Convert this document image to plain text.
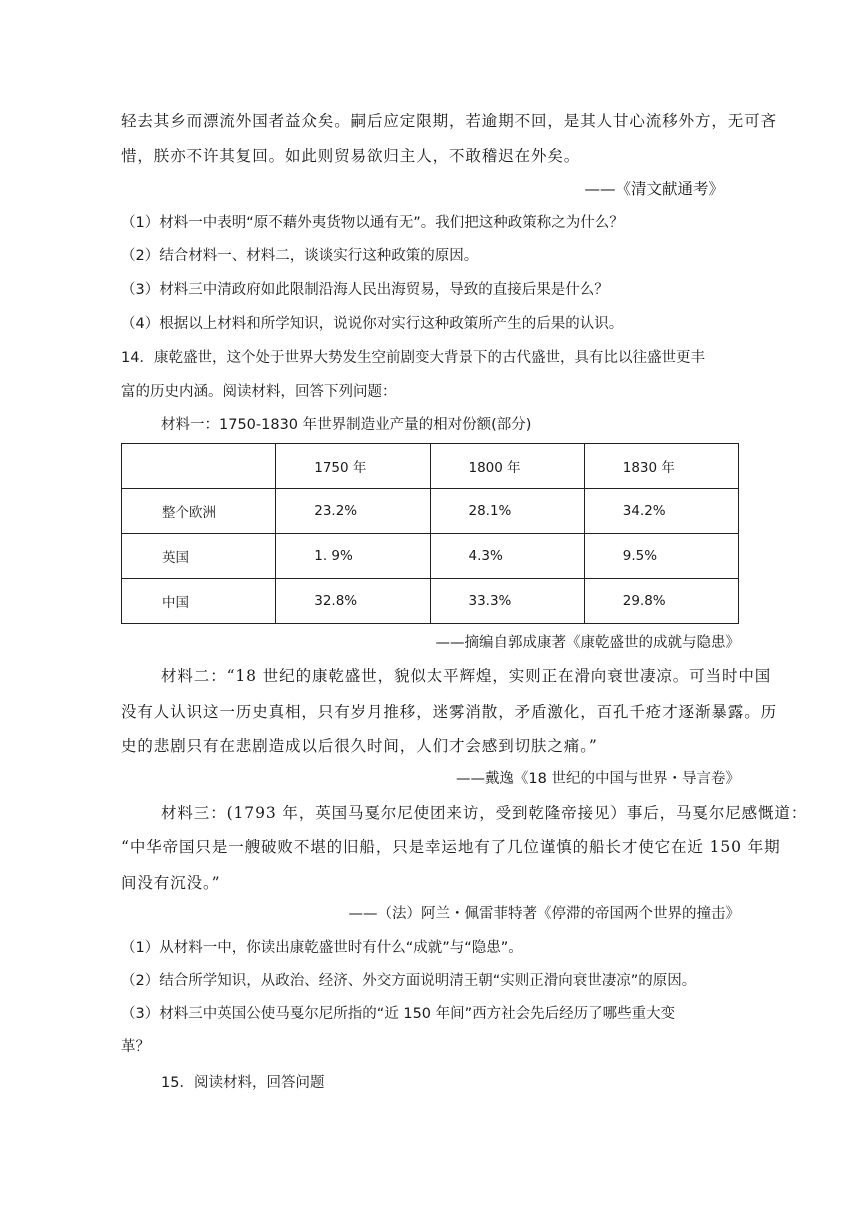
轻去其乡而漂流外国者益众矣。嗣后应定限期，若逾期不回，是其人甘心流移外方，无可吝
惜，朕亦不许其复回。如此则贸易欲归主人，不敢稽迟在外矣。
——《清文献通考》
（1）材料一中表明“原不藉外夷货物以通有无”。我们把这种政策称之为什么？
（2）结合材料一、材料二，谈谈实行这种政策的原因。
（3）材料三中清政府如此限制沿海人民出海贸易，导致的直接后果是什么？
（4）根据以上材料和所学知识，说说你对实行这种政策所产生的后果的认识。
14．康乾盛世，这个处于世界大势发生空前剧变大背景下的古代盛世，具有比以往盛世更丰
富的历史内涵。阅读材料，回答下列问题：
材料一：1750-1830 年世界制造业产量的相对份额(部分)
	1750 年	1800 年	1830 年
整个欧洲	23.2%	28.1%	34.2%
英国	1. 9%	4.3%	9.5%
中国	32.8%	33.3%	29.8%
——摘编自郭成康著《康乾盛世的成就与隐患》
材料二：“18 世纪的康乾盛世，貌似太平辉煌，实则正在滑向衰世凄凉。可当时中国
没有人认识这一历史真相，只有岁月推移，迷雾消散，矛盾激化，百孔千疮才逐渐暴露。历
史的悲剧只有在悲剧造成以后很久时间，人们才会感到切肤之痛。”
——戴逸《18 世纪的中国与世界・导言卷》
材料三：(1793 年，英国马戛尔尼使团来访，受到乾隆帝接见）事后，马戛尔尼感慨道：
“中华帝国只是一艘破败不堪的旧船，只是幸运地有了几位谨慎的船长才使它在近 150 年期
间没有沉没。”
——（法）阿兰・佩雷菲特著《停滞的帝国两个世界的撞击》
（1）从材料一中，你读出康乾盛世时有什么“成就”与“隐患”。
（2）结合所学知识，从政治、经济、外交方面说明清王朝“实则正滑向衰世凄凉”的原因。
（3）材料三中英国公使马戛尔尼所指的“近 150 年间”西方社会先后经历了哪些重大变
革？
15．阅读材料，回答问题
